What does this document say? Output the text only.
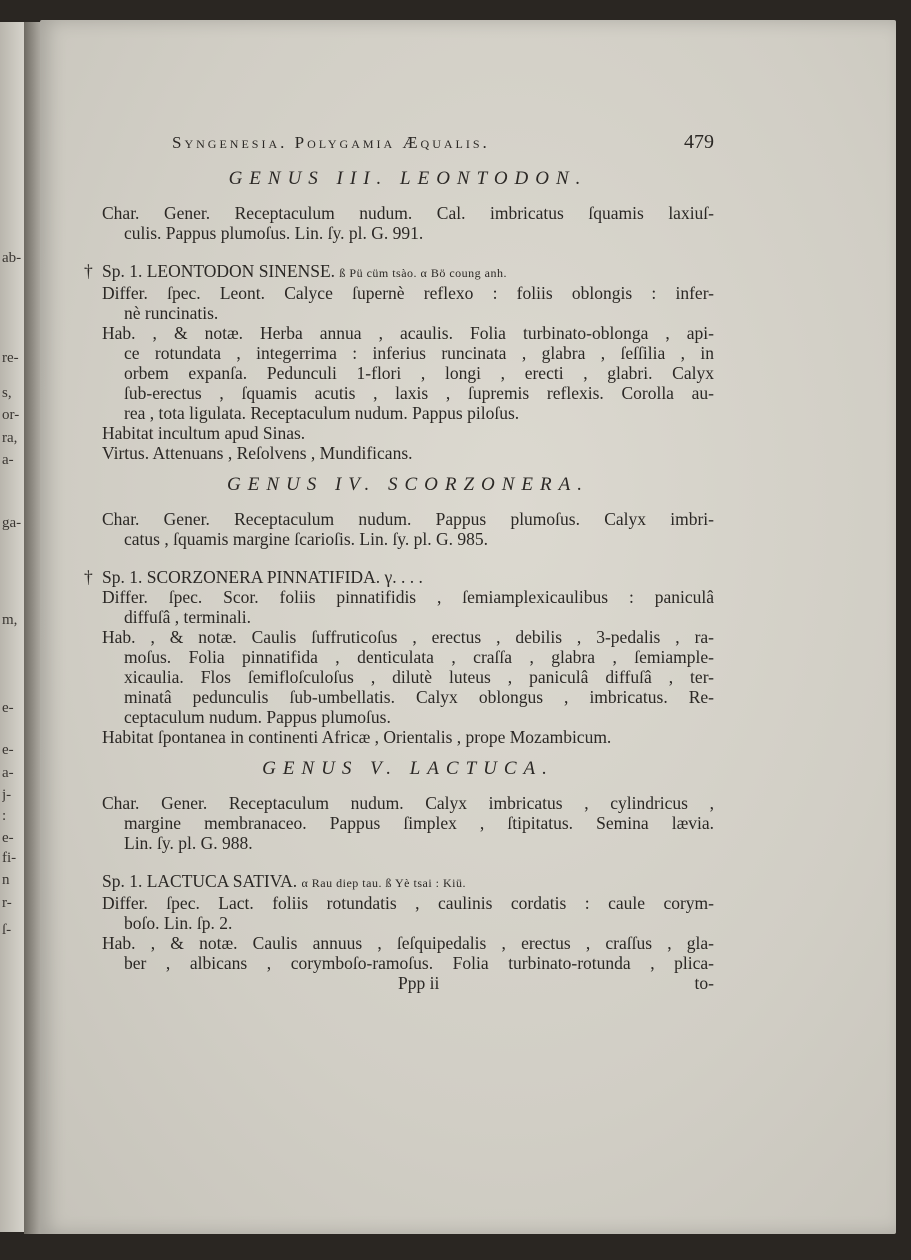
ab-
re-
s,
or-
ra,
a-
ga-
m,
e-
e-
a-
j-
:
e-
fi-
n
r-
ſ-
Syngenesia. Polygamia Æqualis.	479
GENUS III. LEONTODON.
Char. Gener. Receptaculum nudum. Cal. imbricatus ſquamis laxiuſ-
culis. Pappus plumoſus. Lin. ſy. pl. G. 991.
† Sp. 1. LEONTODON SINENSE. ß Pü cüm tsào. α Bö coung anh.
Differ. ſpec. Leont. Calyce ſupernè reflexo : foliis oblongis : infer-
nè runcinatis.
Hab. , & notæ. Herba annua , acaulis. Folia turbinato-oblonga , api-
ce rotundata , integerrima : inferius runcinata , glabra , ſeſſilia , in
orbem expanſa. Pedunculi 1-flori , longi , erecti , glabri. Calyx
ſub-erectus , ſquamis acutis , laxis , ſupremis reflexis. Corolla au-
rea , tota ligulata. Receptaculum nudum. Pappus piloſus.
Habitat incultum apud Sinas.
Virtus. Attenuans , Reſolvens , Mundificans.
GENUS IV. SCORZONERA.
Char. Gener. Receptaculum nudum. Pappus plumoſus. Calyx imbri-
catus , ſquamis margine ſcarioſis. Lin. ſy. pl. G. 985.
† Sp. 1. SCORZONERA PINNATIFIDA. γ. . . .
Differ. ſpec. Scor. foliis pinnatifidis , ſemiamplexicaulibus : paniculâ
diffuſâ , terminali.
Hab. , & notæ. Caulis ſuffruticoſus , erectus , debilis , 3-pedalis , ra-
moſus. Folia pinnatifida , denticulata , craſſa , glabra , ſemiample-
xicaulia. Flos ſemifloſculoſus , dilutè luteus , paniculâ diffuſâ , ter-
minatâ pedunculis ſub-umbellatis. Calyx oblongus , imbricatus. Re-
ceptaculum nudum. Pappus plumoſus.
Habitat ſpontanea in continenti Africæ , Orientalis , prope Mozambicum.
GENUS V. LACTUCA.
Char. Gener. Receptaculum nudum. Calyx imbricatus , cylindricus ,
margine membranaceo. Pappus ſimplex , ſtipitatus. Semina lævia.
Lin. ſy. pl. G. 988.
Sp. 1. LACTUCA SATIVA. α Rau diep tau. ß Yè tsai : Kiü.
Differ. ſpec. Lact. foliis rotundatis , caulinis cordatis : caule corym-
boſo. Lin. ſp. 2.
Hab. , & notæ. Caulis annuus , ſeſquipedalis , erectus , craſſus , gla-
ber , albicans , corymboſo-ramoſus. Folia turbinato-rotunda , plica-
Ppp ii	to-
